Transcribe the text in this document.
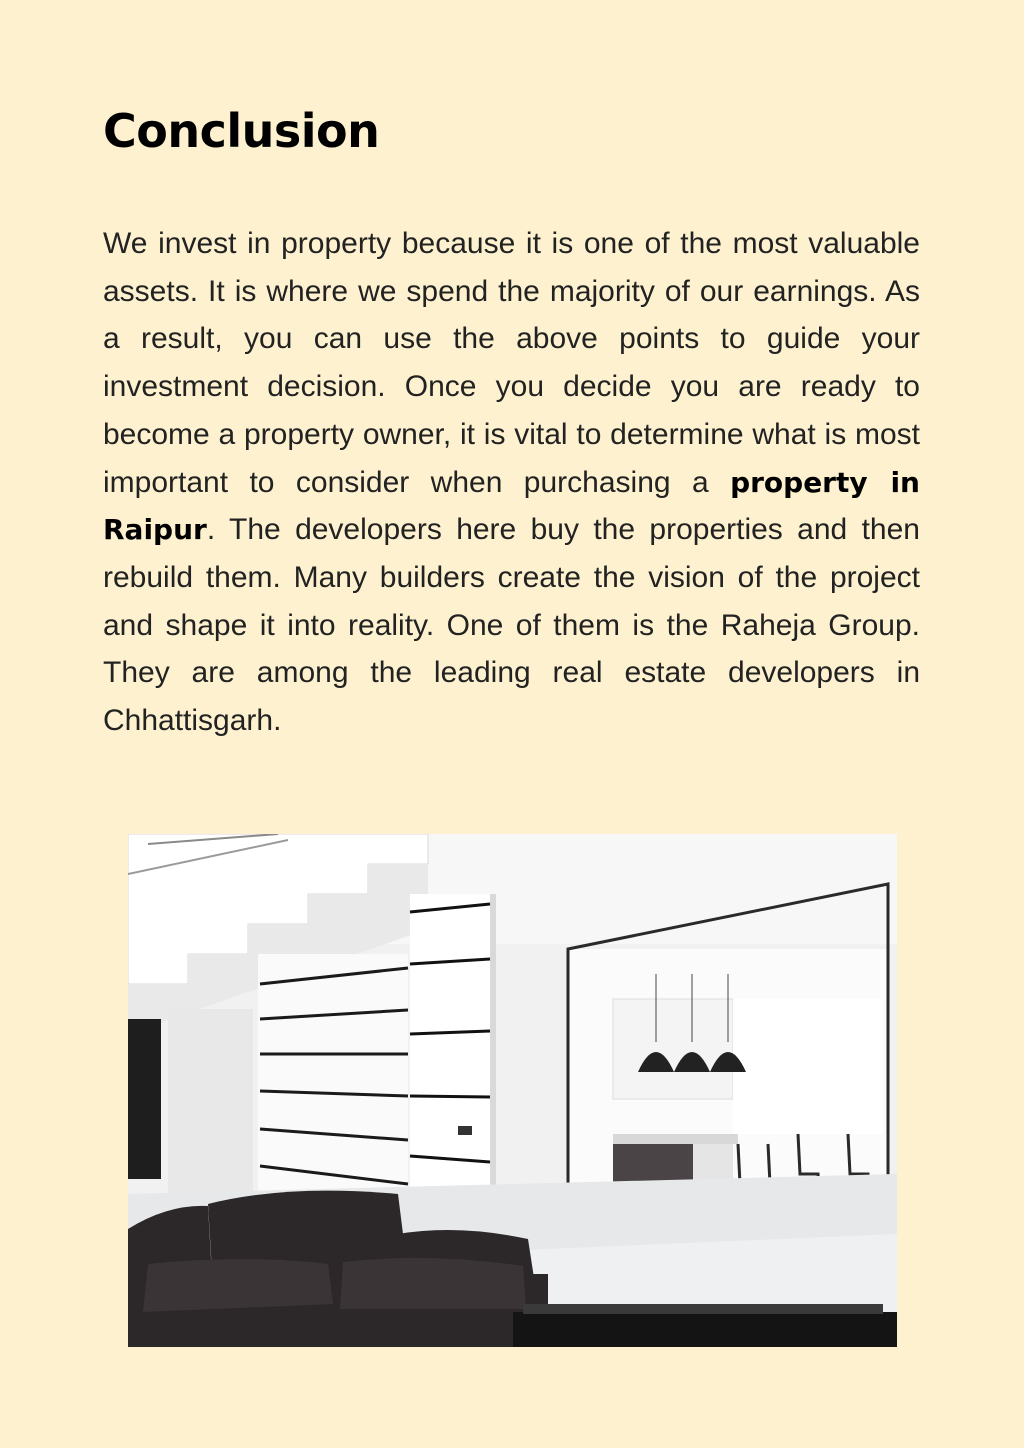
Conclusion

We invest in property because it is one of the most valuable assets. It is where we spend the majority of our earnings. As a result, you can use the above points to guide your investment decision. Once you decide you are ready to become a property owner, it is vital to determine what is most important to consider when purchasing a property in Raipur. The developers here buy the properties and then rebuild them. Many builders create the vision of the project and shape it into reality. One of them is the Raheja Group. They are among the leading real estate developers in Chhattisgarh.
